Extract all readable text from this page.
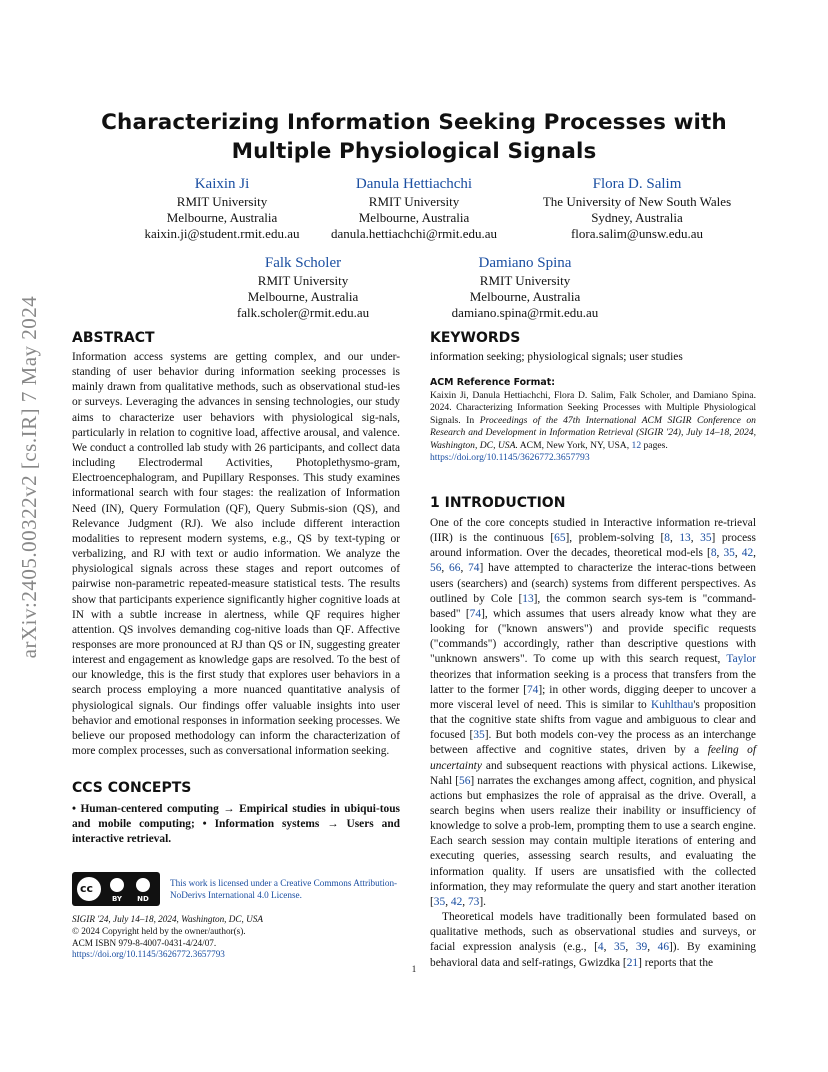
Characterizing Information Seeking Processes with
Multiple Physiological Signals
arXiv:2405.00322v2 [cs.IR] 7 May 2024
Kaixin Ji
RMIT University
Melbourne, Australia
kaixin.ji@student.rmit.edu.au
Danula Hettiachchi
RMIT University
Melbourne, Australia
danula.hettiachchi@rmit.edu.au
Flora D. Salim
The University of New South Wales
Sydney, Australia
flora.salim@unsw.edu.au
Falk Scholer
RMIT University
Melbourne, Australia
falk.scholer@rmit.edu.au
Damiano Spina
RMIT University
Melbourne, Australia
damiano.spina@rmit.edu.au
ABSTRACT
Information access systems are getting complex, and our under-standing of user behavior during information seeking processes is mainly drawn from qualitative methods, such as observational stud-ies or surveys. Leveraging the advances in sensing technologies, our study aims to characterize user behaviors with physiological sig-nals, particularly in relation to cognitive load, affective arousal, and valence. We conduct a controlled lab study with 26 participants, and collect data including Electrodermal Activities, Photoplethysmo-gram, Electroencephalogram, and Pupillary Responses. This study examines informational search with four stages: the realization of Information Need (IN), Query Formulation (QF), Query Submis-sion (QS), and Relevance Judgment (RJ). We also include different interaction modalities to represent modern systems, e.g., QS by text-typing or verbalizing, and RJ with text or audio information. We analyze the physiological signals across these stages and report outcomes of pairwise non-parametric repeated-measure statistical tests. The results show that participants experience significantly higher cognitive loads at IN with a subtle increase in alertness, while QF requires higher attention. QS involves demanding cog-nitive loads than QF. Affective responses are more pronounced at RJ than QS or IN, suggesting greater interest and engagement as knowledge gaps are resolved. To the best of our knowledge, this is the first study that explores user behaviors in a search process employing a more nuanced quantitative analysis of physiological signals. Our findings offer valuable insights into user behavior and emotional responses in information seeking processes. We believe our proposed methodology can inform the characterization of more complex processes, such as conversational information seeking.
CCS CONCEPTS
• Human-centered computing → Empirical studies in ubiqui-tous and mobile computing; • Information systems → Users and interactive retrieval.
cc
BY	ND
This work is licensed under a Creative Commons Attribution-
NoDerivs International 4.0 License.
SIGIR '24, July 14–18, 2024, Washington, DC, USA
© 2024 Copyright held by the owner/author(s).
ACM ISBN 979-8-4007-0431-4/24/07.
https://doi.org/10.1145/3626772.3657793
KEYWORDS
information seeking; physiological signals; user studies
ACM Reference Format:
Kaixin Ji, Danula Hettiachchi, Flora D. Salim, Falk Scholer, and Damiano Spina. 2024. Characterizing Information Seeking Processes with Multiple Physiological Signals. In Proceedings of the 47th International ACM SIGIR Conference on Research and Development in Information Retrieval (SIGIR '24), July 14–18, 2024, Washington, DC, USA. ACM, New York, NY, USA, 12 pages.
https://doi.org/10.1145/3626772.3657793
1 INTRODUCTION
One of the core concepts studied in Interactive information re-trieval (IIR) is the continuous [65], problem-solving [8, 13, 35] process around information. Over the decades, theoretical mod-els [8, 35, 42, 56, 66, 74] have attempted to characterize the interac-tions between users (searchers) and (search) systems from different perspectives. As outlined by Cole [13], the common search sys-tem is "command-based" [74], which assumes that users already know what they are looking for ("known answers") and provide specific requests ("commands") accordingly, rather than descriptive questions with "unknown answers". To come up with this search request, Taylor theorizes that information seeking is a process that transfers from the latter to the former [74]; in other words, digging deeper to uncover a more visceral level of need. This is similar to Kuhlthau's proposition that the cognitive state shifts from vague and ambiguous to clear and focused [35]. But both models con-vey the process as an interchange between affective and cognitive states, driven by a feeling of uncertainty and subsequent reactions with physical actions. Likewise, Nahl [56] narrates the exchanges among affect, cognition, and physical actions but emphasizes the role of appraisal as the drive. Overall, a search begins when users realize their inability or insufficiency of knowledge to solve a prob-lem, prompting them to use a search engine. Each search session may contain multiple iterations of entering and executing queries, assessing search results, and evaluating the information quality. If users are unsatisfied with the collected information, they may reformulate the query and start another iteration [35, 42, 73].
Theoretical models have traditionally been formulated based on qualitative methods, such as observational studies and surveys, or facial expression analysis (e.g., [4, 35, 39, 46]). By examining behavioral data and self-ratings, Gwizdka [21] reports that the
1
